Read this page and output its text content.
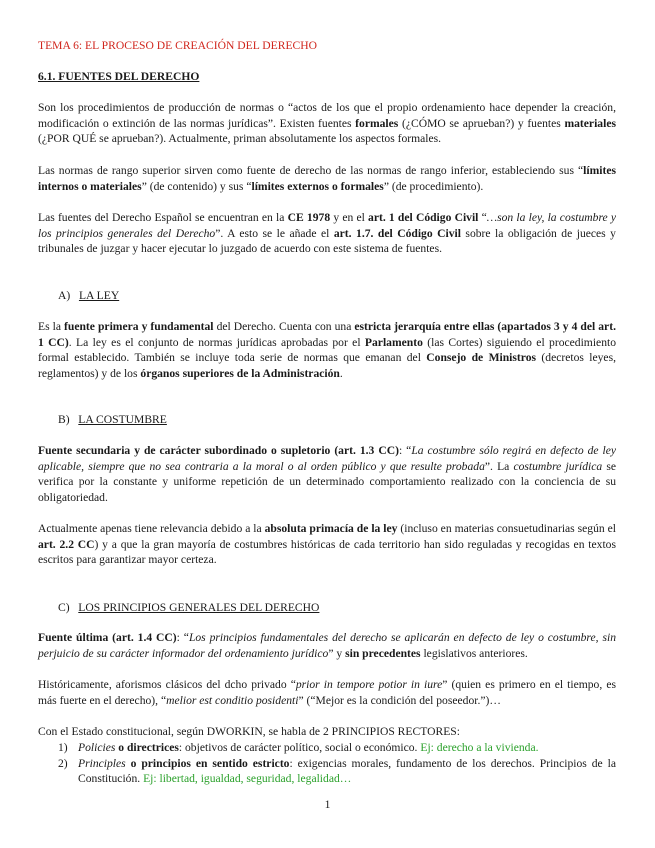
TEMA 6: EL PROCESO DE CREACIÓN DEL DERECHO

6.1. FUENTES DEL DERECHO

Son los procedimientos de producción de normas o “actos de los que el propio ordenamiento hace depender la creación, modificación o extinción de las normas jurídicas”. Existen fuentes formales (¿CÓMO se aprueban?) y fuentes materiales (¿POR QUÉ se aprueban?). Actualmente, priman absolutamente los aspectos formales.

Las normas de rango superior sirven como fuente de derecho de las normas de rango inferior, estableciendo sus “límites internos o materiales” (de contenido) y sus “límites externos o formales” (de procedimiento).

Las fuentes del Derecho Español se encuentran en la CE 1978 y en el art. 1 del Código Civil “…son la ley, la costumbre y los principios generales del Derecho”. A esto se le añade el art. 1.7. del Código Civil sobre la obligación de jueces y tribunales de juzgar y hacer ejecutar lo juzgado de acuerdo con este sistema de fuentes.

A) LA LEY

Es la fuente primera y fundamental del Derecho. Cuenta con una estricta jerarquía entre ellas (apartados 3 y 4 del art. 1 CC). La ley es el conjunto de normas jurídicas aprobadas por el Parlamento (las Cortes) siguiendo el procedimiento formal establecido. También se incluye toda serie de normas que emanan del Consejo de Ministros (decretos leyes, reglamentos) y de los órganos superiores de la Administración.

B) LA COSTUMBRE

Fuente secundaria y de carácter subordinado o supletorio (art. 1.3 CC): “La costumbre sólo regirá en defecto de ley aplicable, siempre que no sea contraria a la moral o al orden público y que resulte probada”. La costumbre jurídica se verifica por la constante y uniforme repetición de un determinado comportamiento realizado con la conciencia de su obligatoriedad.

Actualmente apenas tiene relevancia debido a la absoluta primacía de la ley (incluso en materias consuetudinarias según el art. 2.2 CC) y a que la gran mayoría de costumbres históricas de cada territorio han sido reguladas y recogidas en textos escritos para garantizar mayor certeza.

C) LOS PRINCIPIOS GENERALES DEL DERECHO

Fuente última (art. 1.4 CC): “Los principios fundamentales del derecho se aplicarán en defecto de ley o costumbre, sin perjuicio de su carácter informador del ordenamiento jurídico” y sin precedentes legislativos anteriores.

Históricamente, aforismos clásicos del dcho privado “prior in tempore potior in iure” (quien es primero en el tiempo, es más fuerte en el derecho), “melior est conditio posidenti” (“Mejor es la condición del poseedor.”)…

Con el Estado constitucional, según DWORKIN, se habla de 2 PRINCIPIOS RECTORES:

1) Policies o directrices: objetivos de carácter político, social o económico. Ej: derecho a la vivienda.
2) Principles o principios en sentido estricto: exigencias morales, fundamento de los derechos. Principios de la Constitución. Ej: libertad, igualdad, seguridad, legalidad…
1
